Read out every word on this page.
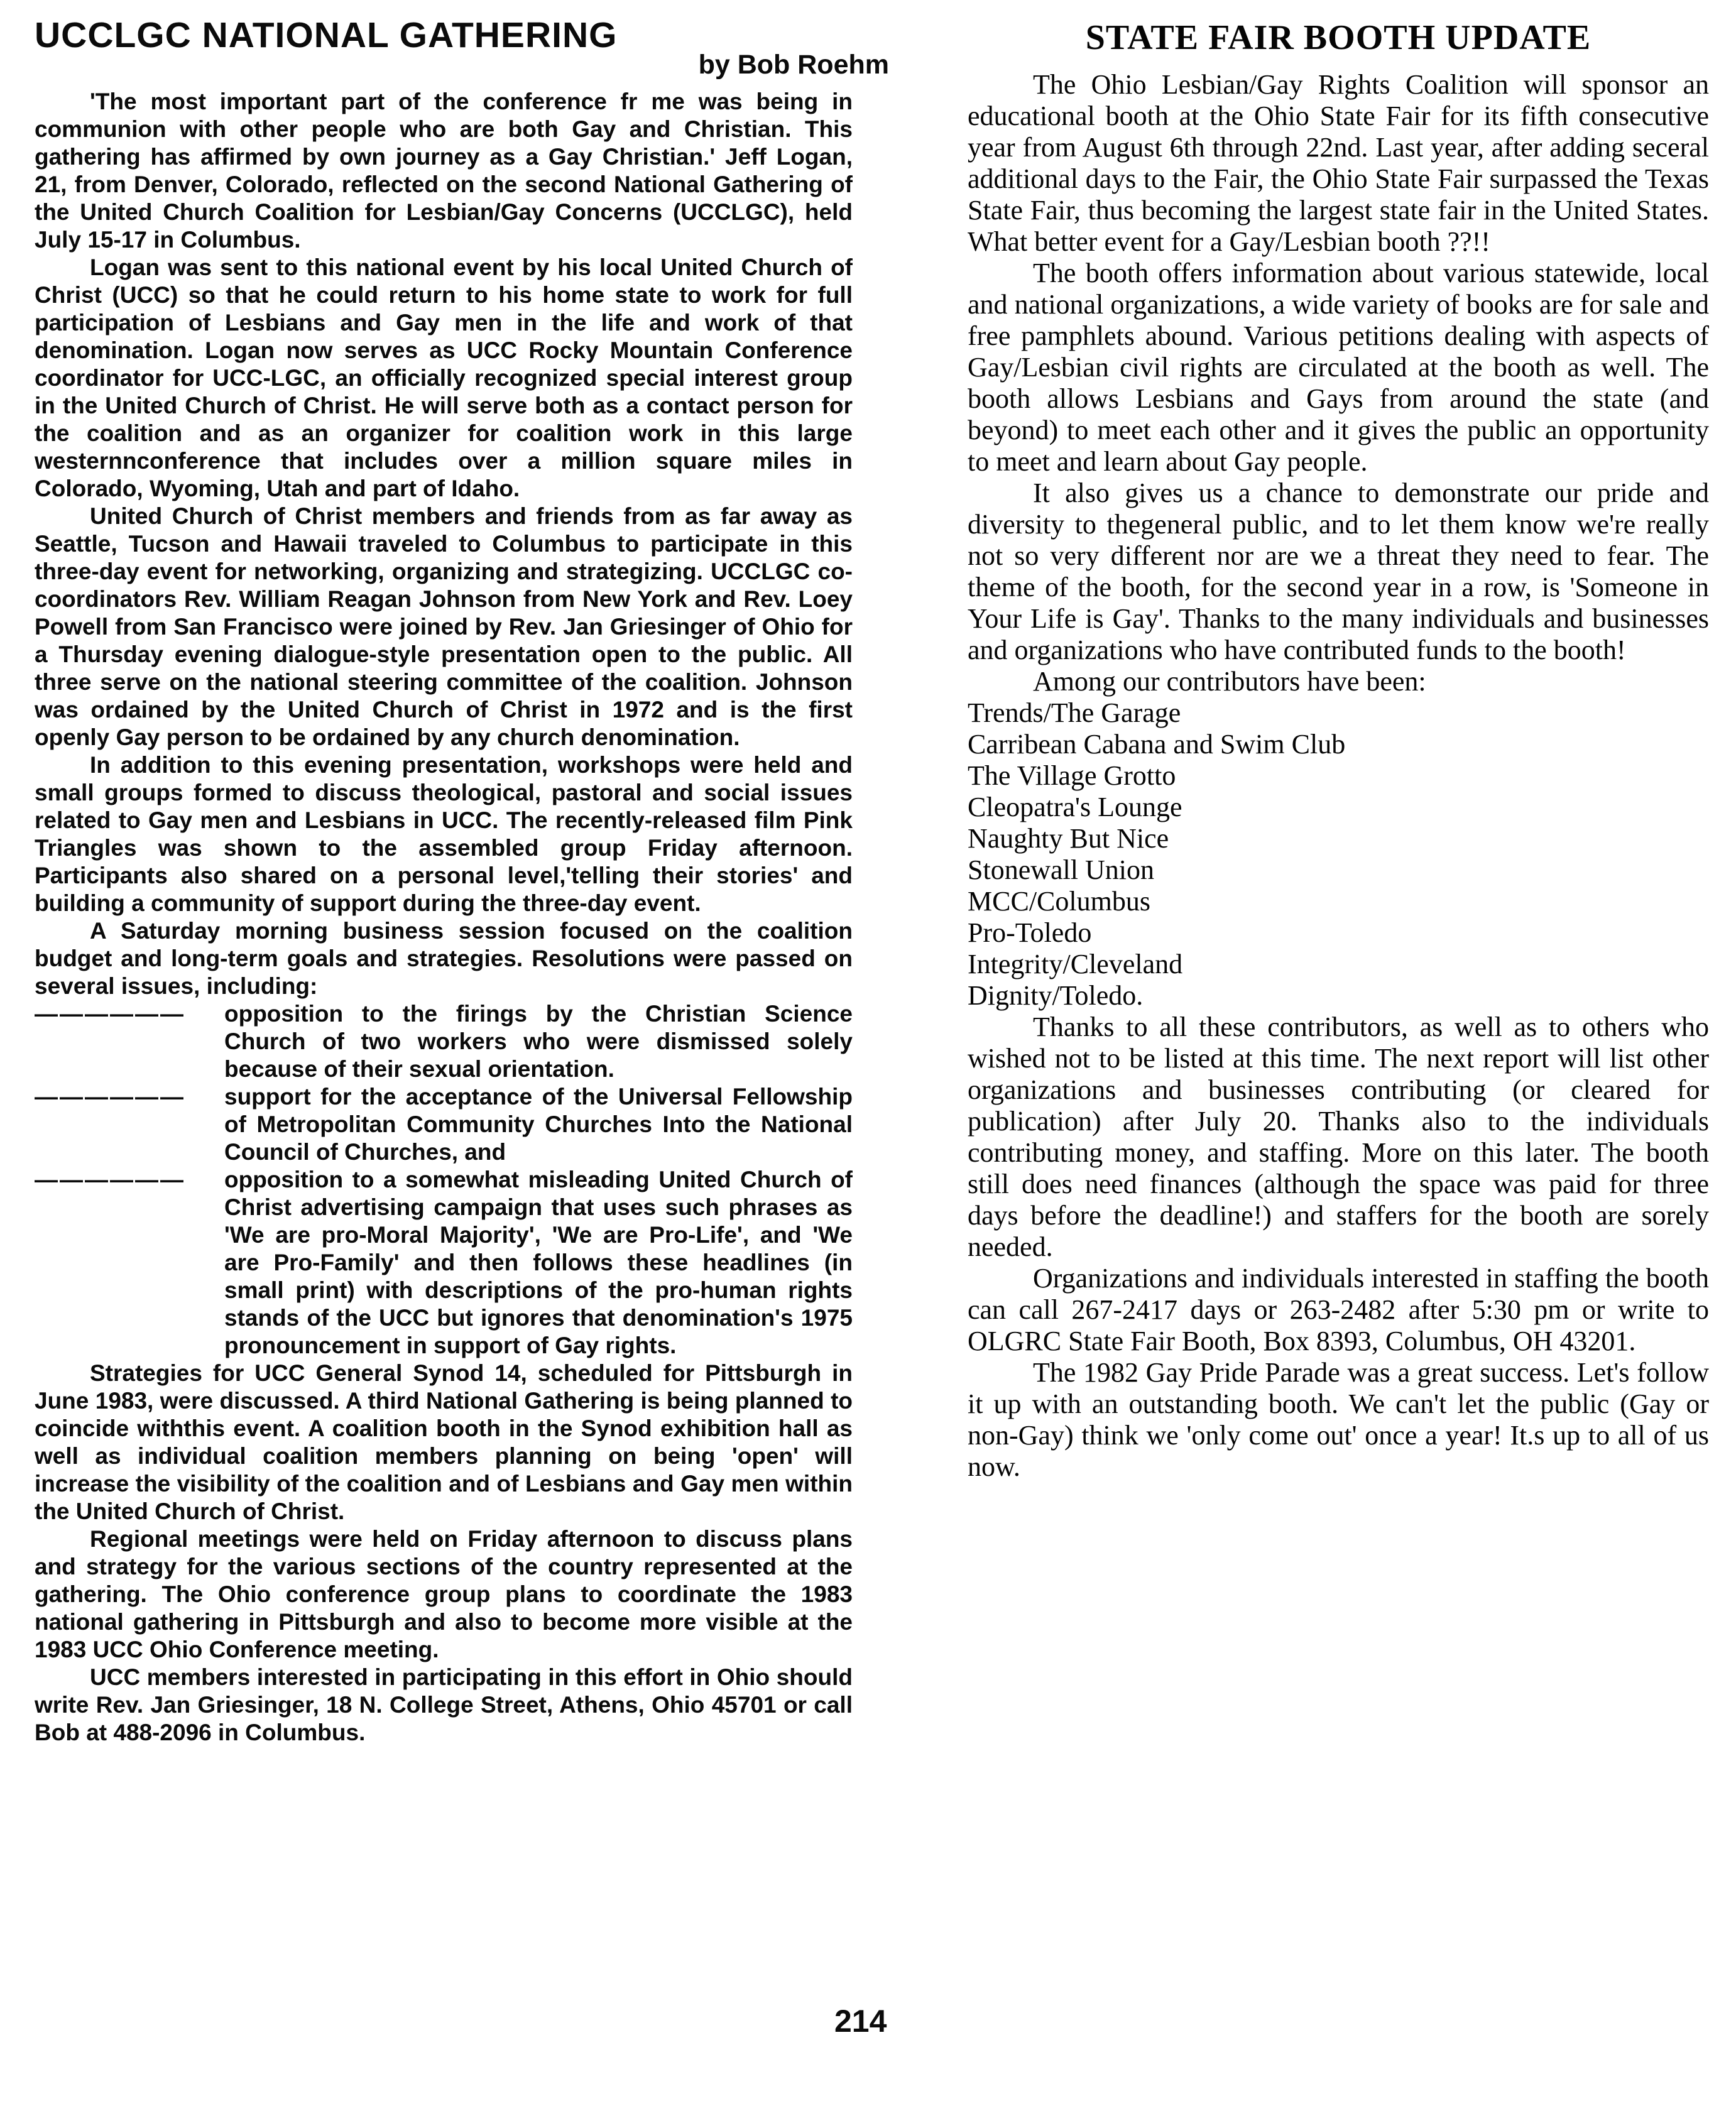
UCCLGC NATIONAL GATHERING
by Bob Roehm

'The most important part of the conference fr me was being in communion with other people who are both Gay and Christian. This gathering has affirmed by own journey as a Gay Christian.' Jeff Logan, 21, from Denver, Colorado, reflected on the second National Gathering of the United Church Coalition for Lesbian/Gay Concerns (UCCLGC), held July 15-17 in Columbus.

Logan was sent to this national event by his local United Church of Christ (UCC) so that he could return to his home state to work for full participation of Lesbians and Gay men in the life and work of that denomination. Logan now serves as UCC Rocky Mountain Conference coordinator for UCC-LGC, an officially recognized special interest group in the United Church of Christ. He will serve both as a contact person for the coalition and as an organizer for coalition work in this large westernnconference that includes over a million square miles in Colorado, Wyoming, Utah and part of Idaho.

United Church of Christ members and friends from as far away as Seattle, Tucson and Hawaii traveled to Columbus to participate in this three-day event for networking, organizing and strategizing. UCCLGC co-coordinators Rev. William Reagan Johnson from New York and Rev. Loey Powell from San Francisco were joined by Rev. Jan Griesinger of Ohio for a Thursday evening dialogue-style presentation open to the public. All three serve on the national steering committee of the coalition. Johnson was ordained by the United Church of Christ in 1972 and is the first openly Gay person to be ordained by any church denomination.

In addition to this evening presentation, workshops were held and small groups formed to discuss theological, pastoral and social issues related to Gay men and Lesbians in UCC. The recently-released film Pink Triangles was shown to the assembled group Friday afternoon. Participants also shared on a personal level,'telling their stories' and building a community of support during the three-day event.

A Saturday morning business session focused on the coalition budget and long-term goals and strategies. Resolutions were passed on several issues, including:

——————	opposition to the firings by the Christian Science Church of two workers who were dismissed solely because of their sexual orientation.
——————	support for the acceptance of the Universal Fellowship of Metropolitan Community Churches Into the National Council of Churches, and
——————	opposition to a somewhat misleading United Church of Christ advertising campaign that uses such phrases as 'We are pro-Moral Majority', 'We are Pro-Life', and 'We are Pro-Family' and then follows these headlines (in small print) with descriptions of the pro-human rights stands of the UCC but ignores that denomination's 1975 pronouncement in support of Gay rights.

Strategies for UCC General Synod 14, scheduled for Pittsburgh in June 1983, were discussed. A third National Gathering is being planned to coincide withthis event. A coalition booth in the Synod exhibition hall as well as individual coalition members planning on being 'open' will increase the visibility of the coalition and of Lesbians and Gay men within the United Church of Christ.

Regional meetings were held on Friday afternoon to discuss plans and strategy for the various sections of the country represented at the gathering. The Ohio conference group plans to coordinate the 1983 national gathering in Pittsburgh and also to become more visible at the 1983 UCC Ohio Conference meeting.

UCC members interested in participating in this effort in Ohio should write Rev. Jan Griesinger, 18 N. College Street, Athens, Ohio 45701 or call Bob at 488-2096 in Columbus.

STATE FAIR BOOTH UPDATE

The Ohio Lesbian/Gay Rights Coalition will sponsor an educational booth at the Ohio State Fair for its fifth consecutive year from August 6th through 22nd. Last year, after adding seceral additional days to the Fair, the Ohio State Fair surpassed the Texas State Fair, thus becoming the largest state fair in the United States. What better event for a Gay/Lesbian booth ??!!

The booth offers information about various statewide, local and national organizations, a wide variety of books are for sale and free pamphlets abound. Various petitions dealing with aspects of Gay/Lesbian civil rights are circulated at the booth as well. The booth allows Lesbians and Gays from around the state (and beyond) to meet each other and it gives the public an opportunity to meet and learn about Gay people.

It also gives us a chance to demonstrate our pride and diversity to thegeneral public, and to let them know we're really not so very different nor are we a threat they need to fear. The theme of the booth, for the second year in a row, is 'Someone in Your Life is Gay'. Thanks to the many individuals and businesses and organizations who have contributed funds to the booth!

Among our contributors have been:

Trends/The Garage
Carribean Cabana and Swim Club
The Village Grotto
Cleopatra's Lounge
Naughty But Nice
Stonewall Union
MCC/Columbus
Pro-Toledo
Integrity/Cleveland
Dignity/Toledo.

Thanks to all these contributors, as well as to others who wished not to be listed at this time. The next report will list other organizations and businesses contributing (or cleared for publication) after July 20. Thanks also to the individuals contributing money, and staffing. More on this later. The booth still does need finances (although the space was paid for three days before the deadline!) and staffers for the booth are sorely needed.

Organizations and individuals interested in staffing the booth can call 267-2417 days or 263-2482 after 5:30 pm or write to OLGRC State Fair Booth, Box 8393, Columbus, OH 43201.

The 1982 Gay Pride Parade was a great success. Let's follow it up with an outstanding booth. We can't let the public (Gay or non-Gay) think we 'only come out' once a year! It.s up to all of us now.

214
